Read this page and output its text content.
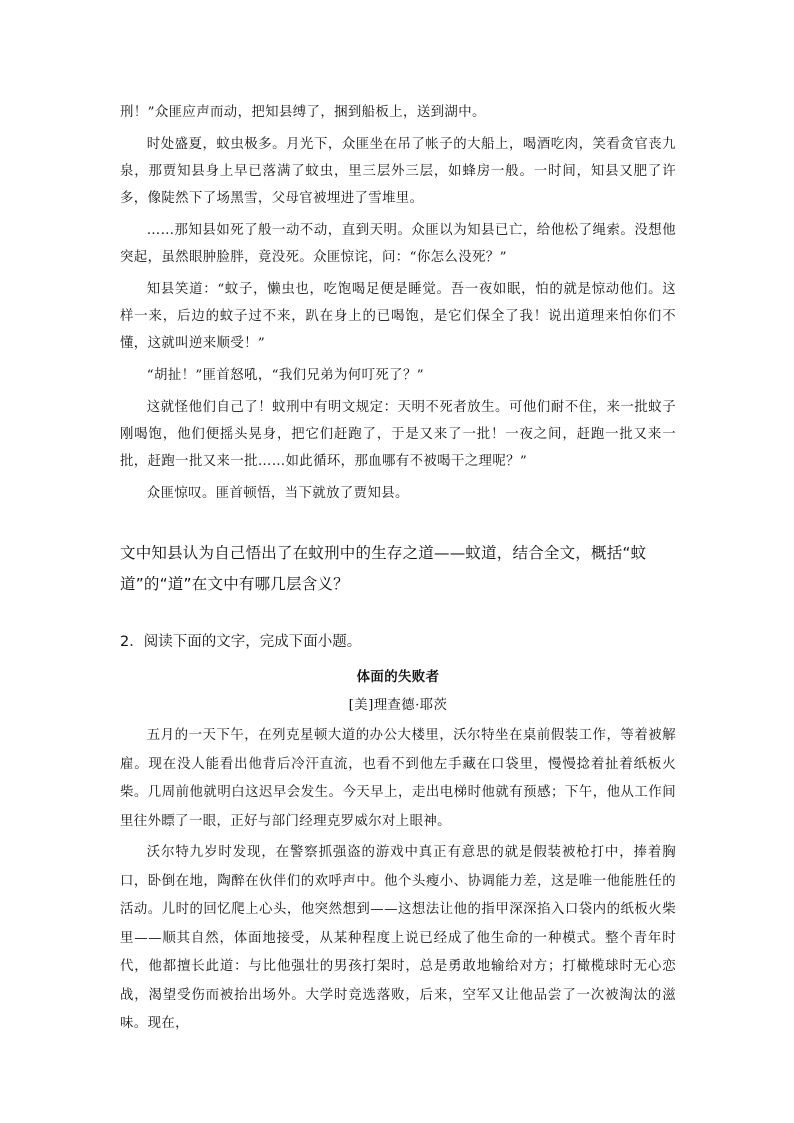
刑！”众匪应声而动，把知县缚了，捆到船板上，送到湖中。

时处盛夏，蚊虫极多。月光下，众匪坐在吊了帐子的大船上，喝酒吃肉，笑看贪官丧九泉，那贾知县身上早已落满了蚊虫，里三层外三层，如蜂房一般。一时间，知县又肥了许多，像陡然下了场黑雪，父母官被埋进了雪堆里。

……那知县如死了般一动不动，直到天明。众匪以为知县已亡，给他松了绳索。没想他突起，虽然眼肿脸胖，竟没死。众匪惊诧，问：“你怎么没死？”

知县笑道：“蚊子，懒虫也，吃饱喝足便是睡觉。吾一夜如眠，怕的就是惊动他们。这样一来，后边的蚊子过不来，趴在身上的已喝饱，是它们保全了我！说出道理来怕你们不懂，这就叫逆来顺受！”

“胡扯！”匪首怒吼，“我们兄弟为何叮死了？”

这就怪他们自己了！蚊刑中有明文规定：天明不死者放生。可他们耐不住，来一批蚊子刚喝饱，他们便摇头晃身，把它们赶跑了，于是又来了一批！一夜之间，赶跑一批又来一批，赶跑一批又来一批……如此循环，那血哪有不被喝干之理呢？”

众匪惊叹。匪首顿悟，当下就放了贾知县。

文中知县认为自己悟出了在蚊刑中的生存之道——蚊道，结合全文，概括“蚊道”的“道”在文中有哪几层含义？

2．阅读下面的文字，完成下面小题。

体面的失败者

[美]理查德·耶茨

五月的一天下午，在列克星顿大道的办公大楼里，沃尔特坐在桌前假装工作，等着被解雇。现在没人能看出他背后冷汗直流，也看不到他左手藏在口袋里，慢慢捻着扯着纸板火柴。几周前他就明白这迟早会发生。今天早上，走出电梯时他就有预感；下午，他从工作间里往外瞟了一眼，正好与部门经理克罗威尔对上眼神。

沃尔特九岁时发现，在警察抓强盗的游戏中真正有意思的就是假装被枪打中，捧着胸口，卧倒在地，陶醉在伙伴们的欢呼声中。他个头瘦小、协调能力差，这是唯一他能胜任的活动。儿时的回忆爬上心头，他突然想到——这想法让他的指甲深深掐入口袋内的纸板火柴里——顺其自然，体面地接受，从某种程度上说已经成了他生命的一种模式。整个青年时代，他都擅长此道：与比他强壮的男孩打架时，总是勇敢地输给对方；打橄榄球时无心恋战，渴望受伤而被抬出场外。大学时竞选落败，后来，空军又让他品尝了一次被淘汰的滋味。现在，
